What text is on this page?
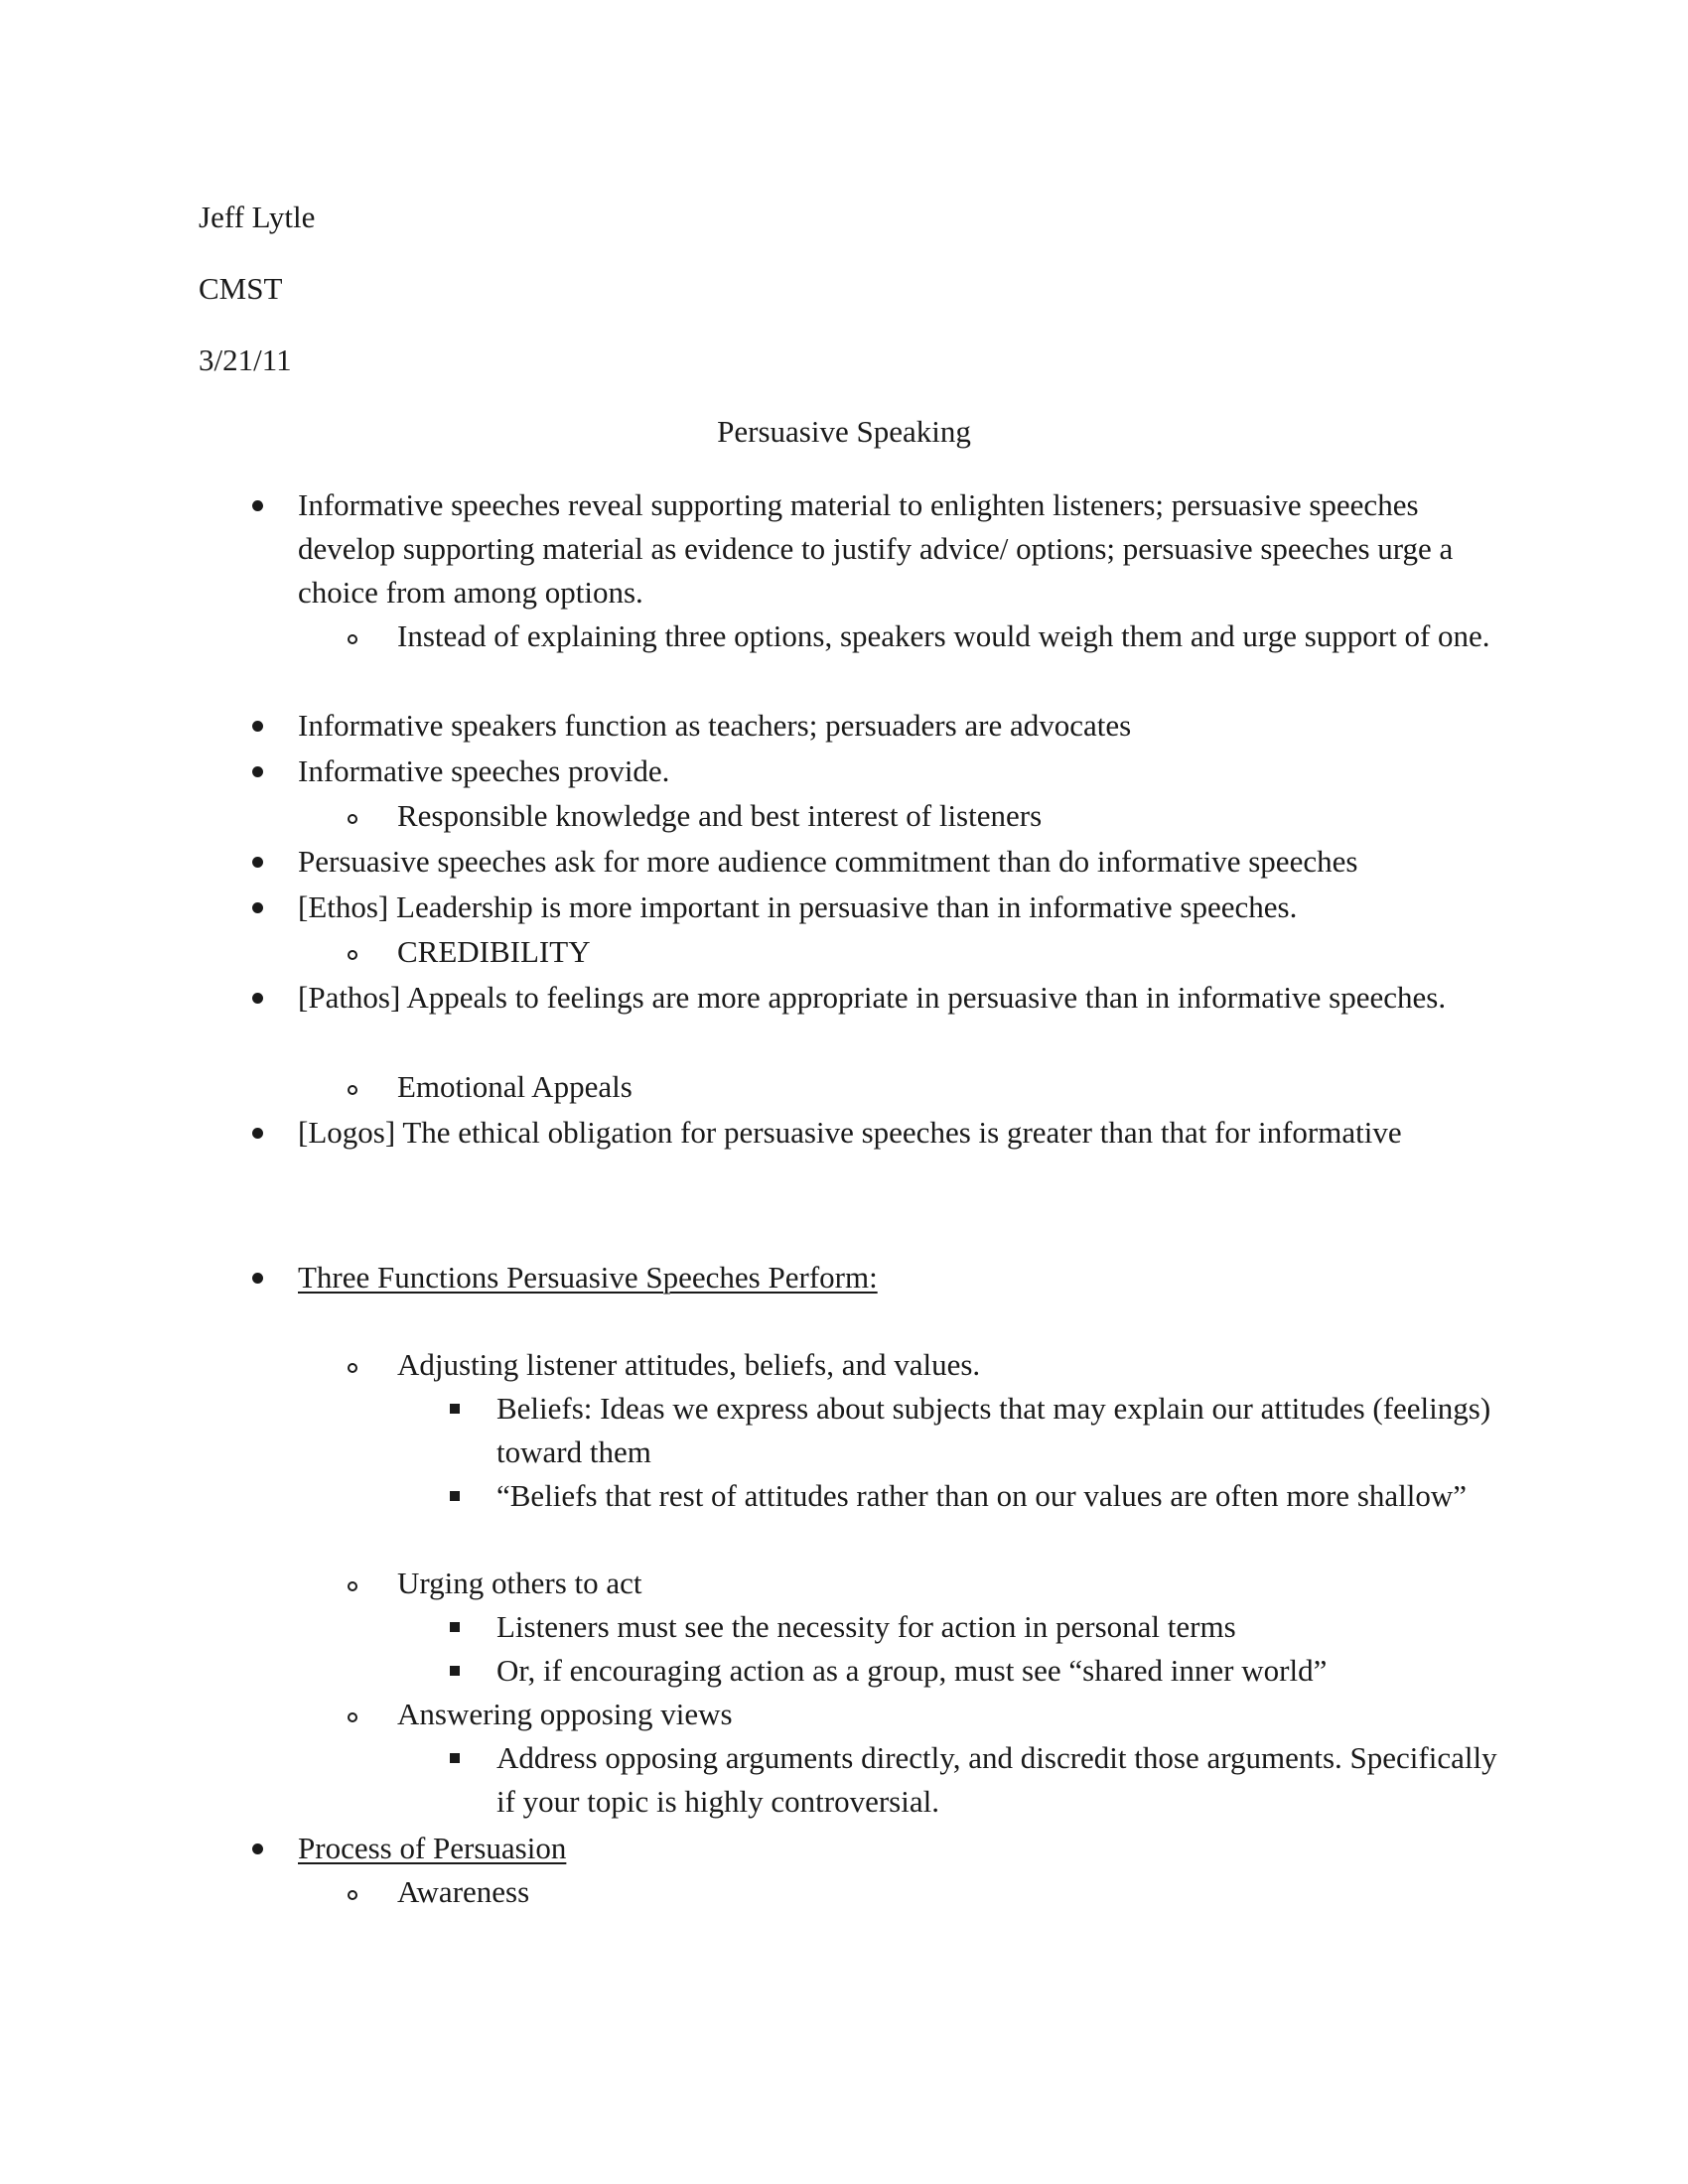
Jeff Lytle
CMST
3/21/11
Persuasive Speaking
Informative speeches reveal supporting material to enlighten listeners; persuasive speeches develop supporting material as evidence to justify advice/ options; persuasive speeches urge a choice from among options.
Instead of explaining three options, speakers would weigh them and urge support of one.
Informative speakers function as teachers; persuaders are advocates
Informative speeches provide.
Responsible knowledge and best interest of listeners
Persuasive speeches ask for more audience commitment than do informative speeches
[Ethos] Leadership is more important in persuasive than in informative speeches.
CREDIBILITY
[Pathos] Appeals to feelings are more appropriate in persuasive than in informative speeches.
Emotional Appeals
[Logos] The ethical obligation for persuasive speeches is greater than that for informative
Three Functions Persuasive Speeches Perform:
Adjusting listener attitudes, beliefs, and values.
Beliefs: Ideas we express about subjects that may explain our attitudes (feelings) toward them
“Beliefs that rest of attitudes rather than on our values are often more shallow”
Urging others to act
Listeners must see the necessity for action in personal terms
Or, if encouraging action as a group, must see “shared inner world”
Answering opposing views
Address opposing arguments directly, and discredit those arguments. Specifically if your topic is highly controversial.
Process of Persuasion
Awareness
